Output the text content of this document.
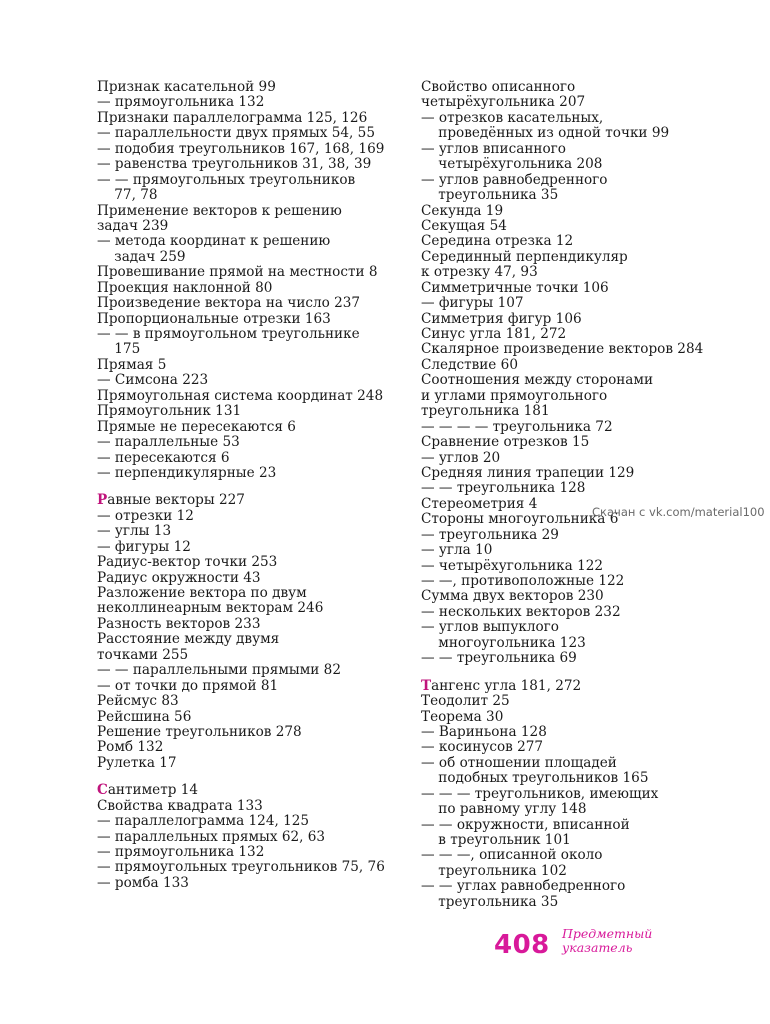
Признак касательной 99
— прямоугольника 132
Признаки параллелограмма 125, 126
— параллельности двух прямых 54, 55
— подобия треугольников 167, 168, 169
— равенства треугольников 31, 38, 39
— — прямоугольных треугольников
77, 78
Применение векторов к решению
задач 239
— метода координат к решению
задач 259
Провешивание прямой на местности 8
Проекция наклонной 80
Произведение вектора на число 237
Пропорциональные отрезки 163
— — в прямоугольном треугольнике
175
Прямая 5
— Симсона 223
Прямоугольная система координат 248
Прямоугольник 131
Прямые не пересекаются 6
— параллельные 53
— пересекаются 6
— перпендикулярные 23
Равные векторы 227
— отрезки 12
— углы 13
— фигуры 12
Радиус-вектор точки 253
Радиус окружности 43
Разложение вектора по двум
неколлинеарным векторам 246
Разность векторов 233
Расстояние между двумя
точками 255
— — параллельными прямыми 82
— от точки до прямой 81
Рейсмус 83
Рейсшина 56
Решение треугольников 278
Ромб 132
Рулетка 17
Сантиметр 14
Свойства квадрата 133
— параллелограмма 124, 125
— параллельных прямых 62, 63
— прямоугольника 132
— прямоугольных треугольников 75, 76
— ромба 133
Свойство описанного
четырёхугольника 207
— отрезков касательных,
проведённых из одной точки 99
— углов вписанного
четырёхугольника 208
— углов равнобедренного
треугольника 35
Секунда 19
Секущая 54
Середина отрезка 12
Серединный перпендикуляр
к отрезку 47, 93
Симметричные точки 106
— фигуры 107
Симметрия фигур 106
Синус угла 181, 272
Скалярное произведение векторов 284
Следствие 60
Соотношения между сторонами
и углами прямоугольного
треугольника 181
— — — — треугольника 72
Сравнение отрезков 15
— углов 20
Средняя линия трапеции 129
— — треугольника 128
Стереометрия 4
Стороны многоугольника 6
— треугольника 29
— угла 10
— четырёхугольника 122
— —, противоположные 122
Сумма двух векторов 230
— нескольких векторов 232
— углов выпуклого
многоугольника 123
— — треугольника 69
Тангенс угла 181, 272
Теодолит 25
Теорема 30
— Вариньона 128
— косинусов 277
— об отношении площадей
подобных треугольников 165
— — — треугольников, имеющих
по равному углу 148
— — окружности, вписанной
в треугольник 101
— — —, описанной около
треугольника 102
— — углах равнобедренного
треугольника 35
Скачан с vk.com/material100
408 Предметный
указатель
